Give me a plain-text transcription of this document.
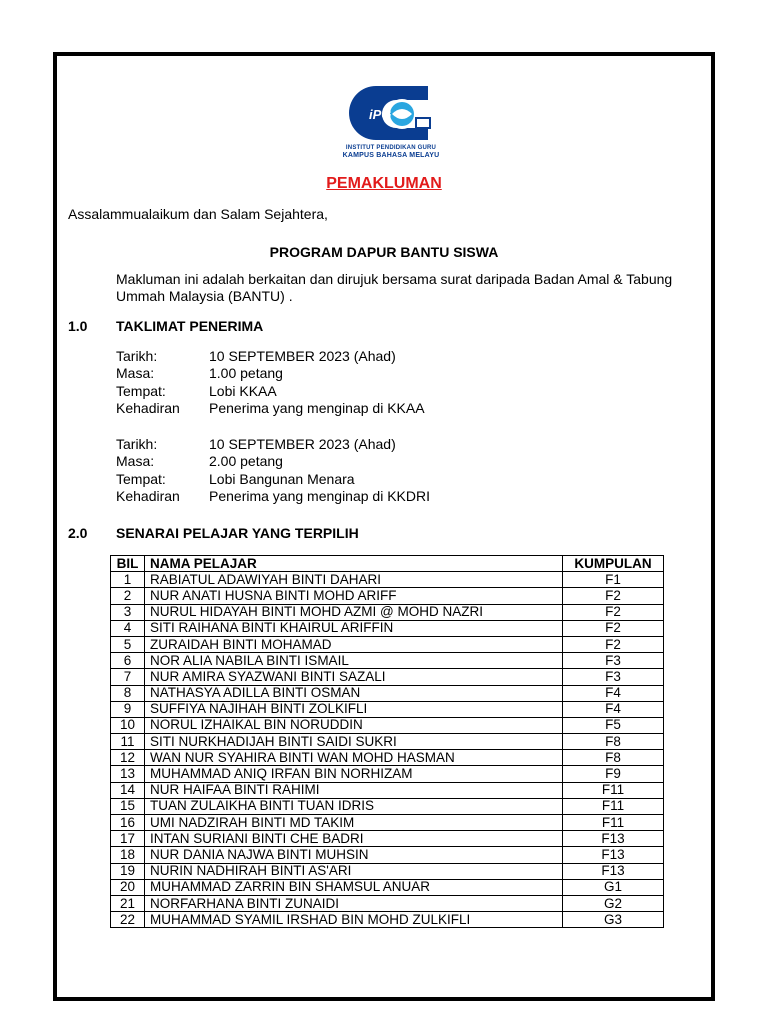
iPG
INSTITUT PENDIDIKAN GURU
KAMPUS BAHASA MELAYU
PEMAKLUMAN
Assalammualaikum dan Salam Sejahtera,
PROGRAM DAPUR BANTU SISWA
Makluman ini adalah berkaitan dan dirujuk bersama surat daripada Badan Amal & Tabung
Ummah Malaysia (BANTU) .
1.0 TAKLIMAT PENERIMA
Tarikh:	10 SEPTEMBER 2023 (Ahad)
Masa:	1.00 petang
Tempat:	Lobi KKAA
Kehadiran Penerima yang menginap di KKAA
Tarikh:	10 SEPTEMBER 2023 (Ahad)
Masa:	2.00 petang
Tempat:	Lobi Bangunan Menara
Kehadiran Penerima yang menginap di KKDRI
2.0 SENARAI PELAJAR YANG TERPILIH
BIL	NAMA PELAJAR	KUMPULAN
1	RABIATUL ADAWIYAH BINTI DAHARI	F1
2	NUR ANATI HUSNA BINTI MOHD ARIFF	F2
3	NURUL HIDAYAH BINTI MOHD AZMI @ MOHD NAZRI	F2
4	SITI RAIHANA BINTI KHAIRUL ARIFFIN	F2
5	ZURAIDAH BINTI MOHAMAD	F2
6	NOR ALIA NABILA BINTI ISMAIL	F3
7	NUR AMIRA SYAZWANI BINTI SAZALI	F3
8	NATHASYA ADILLA BINTI OSMAN	F4
9	SUFFIYA NAJIHAH BINTI ZOLKIFLI	F4
10	NORUL IZHAIKAL BIN NORUDDIN	F5
11	SITI NURKHADIJAH BINTI SAIDI SUKRI	F8
12	WAN NUR SYAHIRA BINTI WAN MOHD HASMAN	F8
13	MUHAMMAD ANIQ IRFAN BIN NORHIZAM	F9
14	NUR HAIFAA BINTI RAHIMI	F11
15	TUAN ZULAIKHA BINTI TUAN IDRIS	F11
16	UMI NADZIRAH BINTI MD TAKIM	F11
17	INTAN SURIANI BINTI CHE BADRI	F13
18	NUR DANIA NAJWA BINTI MUHSIN	F13
19	NURIN NADHIRAH BINTI AS'ARI	F13
20	MUHAMMAD ZARRIN BIN SHAMSUL ANUAR	G1
21	NORFARHANA BINTI ZUNAIDI	G2
22	MUHAMMAD SYAMIL IRSHAD BIN MOHD ZULKIFLI	G3
